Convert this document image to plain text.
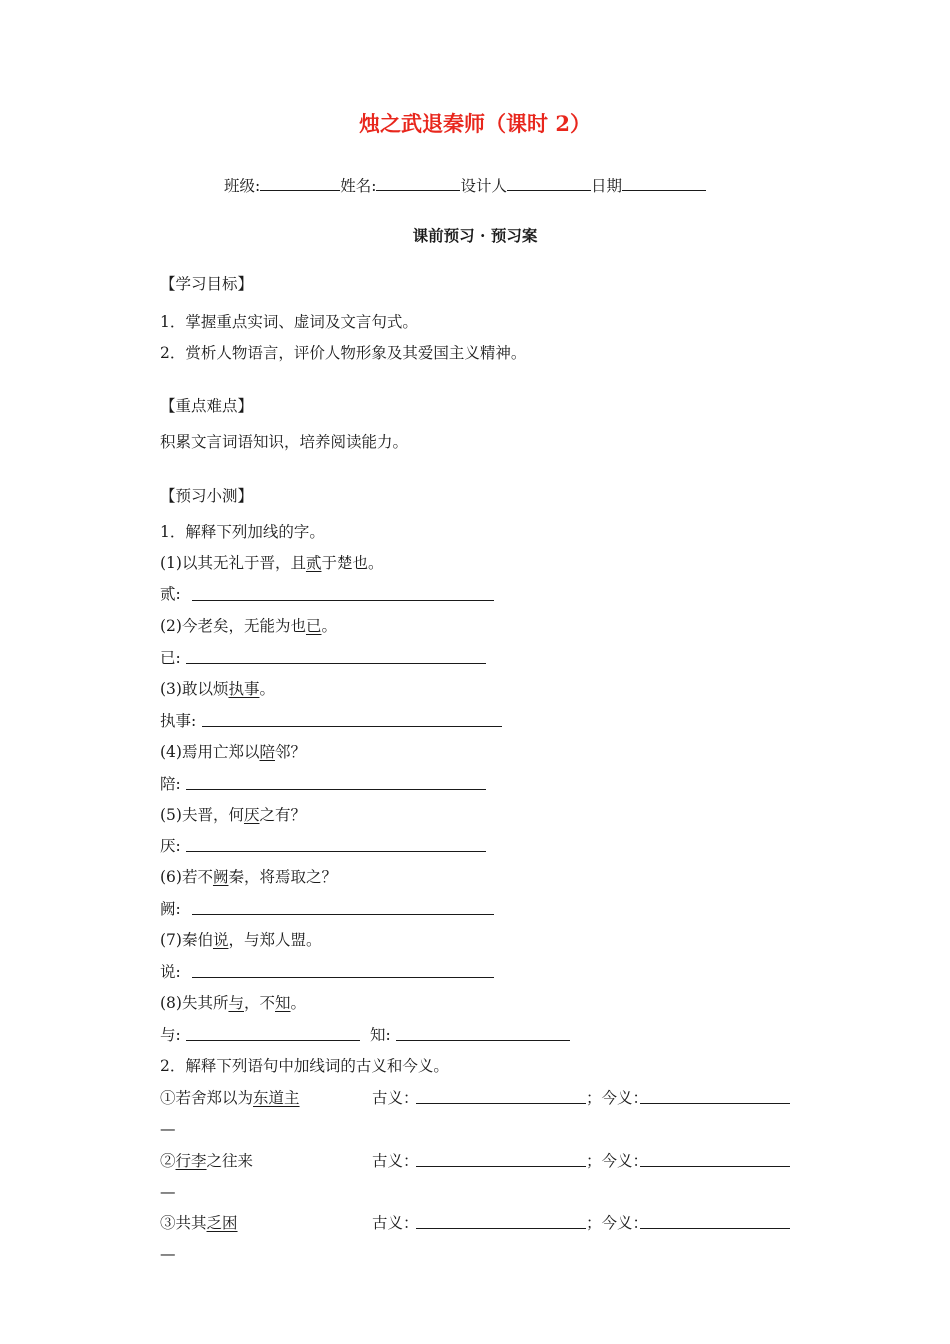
烛之武退秦师（课时 2）
班级:	姓名:	设计人	日期
课前预习 · 预习案
【学习目标】
1．掌握重点实词、虚词及文言句式。
2．赏析人物语言，评价人物形象及其爱国主义精神。
【重点难点】
积累文言词语知识，培养阅读能力。
【预习小测】
1．解释下列加线的字。
(1)以其无礼于晋，且贰于楚也。
贰:
(2)今老矣，无能为也已。
已:
(3)敢以烦执事。
执事:
(4)焉用亡郑以陪邻？
陪:
(5)夫晋，何厌之有？
厌:
(6)若不阙秦，将焉取之？
阙:
(7)秦伯说，与郑人盟。
说:
(8)失其所与，不知。
与:	知:
2．解释下列语句中加线词的古义和今义。
①若舍郑以为东道主	古义：	；今义：
—
②行李之往来	古义：	；今义：
—
③共其乏困	古义：	；今义：
—
